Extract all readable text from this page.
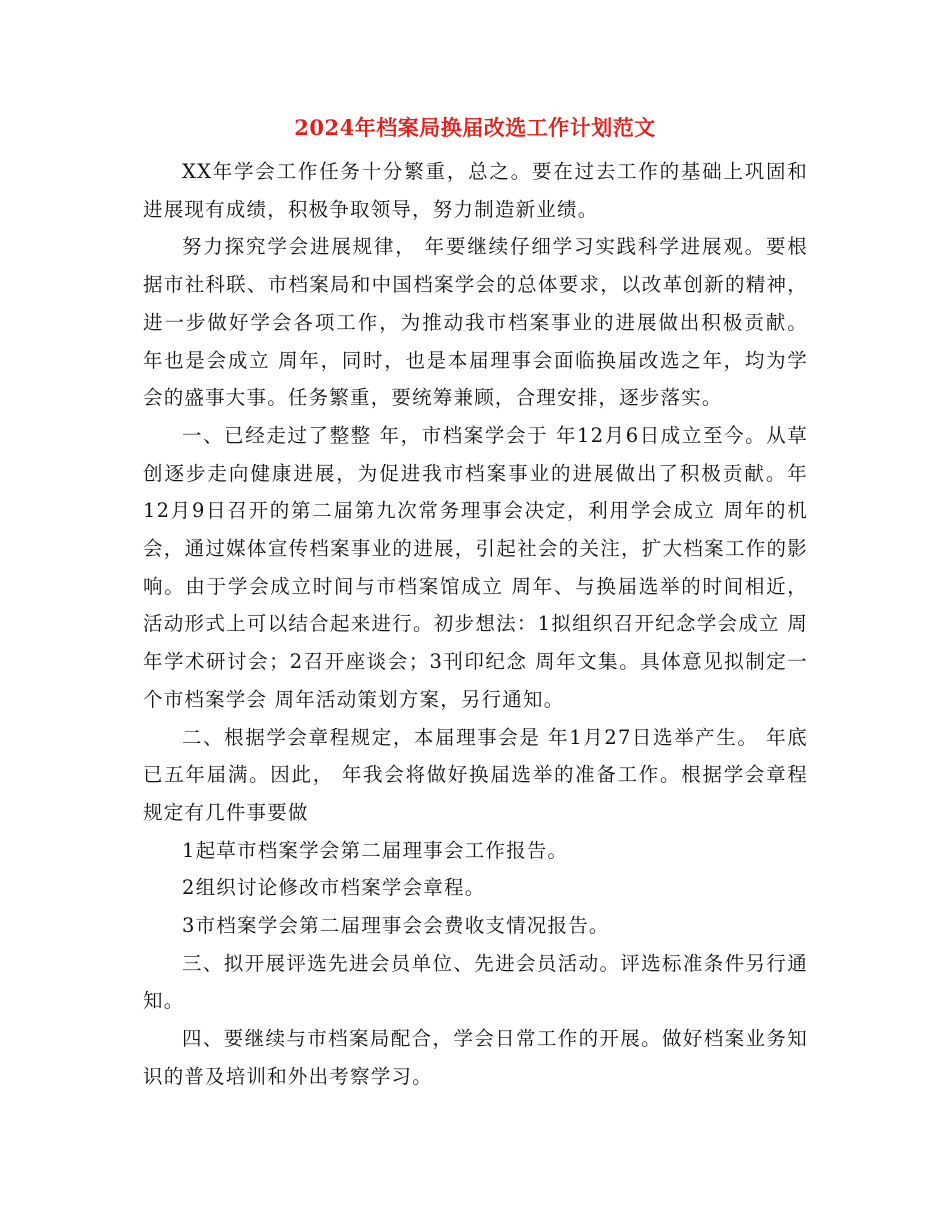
2024年档案局换届改选工作计划范文

XX年学会工作任务十分繁重，总之。要在过去工作的基础上巩固和进展现有成绩，积极争取领导，努力制造新业绩。

努力探究学会进展规律， 年要继续仔细学习实践科学进展观。要根据市社科联、市档案局和中国档案学会的总体要求，以改革创新的精神，进一步做好学会各项工作，为推动我市档案事业的进展做出积极贡献。 年也是会成立 周年，同时，也是本届理事会面临换届改选之年，均为学会的盛事大事。任务繁重，要统筹兼顾，合理安排，逐步落实。

一、已经走过了整整 年，市档案学会于 年12月6日成立至今。从草创逐步走向健康进展，为促进我市档案事业的进展做出了积极贡献。年12月9日召开的第二届第九次常务理事会决定，利用学会成立 周年的机会，通过媒体宣传档案事业的进展，引起社会的关注，扩大档案工作的影响。由于学会成立时间与市档案馆成立 周年、与换届选举的时间相近，活动形式上可以结合起来进行。初步想法：1拟组织召开纪念学会成立 周年学术研讨会；2召开座谈会；3刊印纪念 周年文集。具体意见拟制定一个市档案学会 周年活动策划方案，另行通知。

二、根据学会章程规定，本届理事会是 年1月27日选举产生。 年底已五年届满。因此， 年我会将做好换届选举的准备工作。根据学会章程规定有几件事要做

1起草市档案学会第二届理事会工作报告。

2组织讨论修改市档案学会章程。

3市档案学会第二届理事会会费收支情况报告。

三、拟开展评选先进会员单位、先进会员活动。评选标准条件另行通知。

四、要继续与市档案局配合，学会日常工作的开展。做好档案业务知识的普及培训和外出考察学习。
